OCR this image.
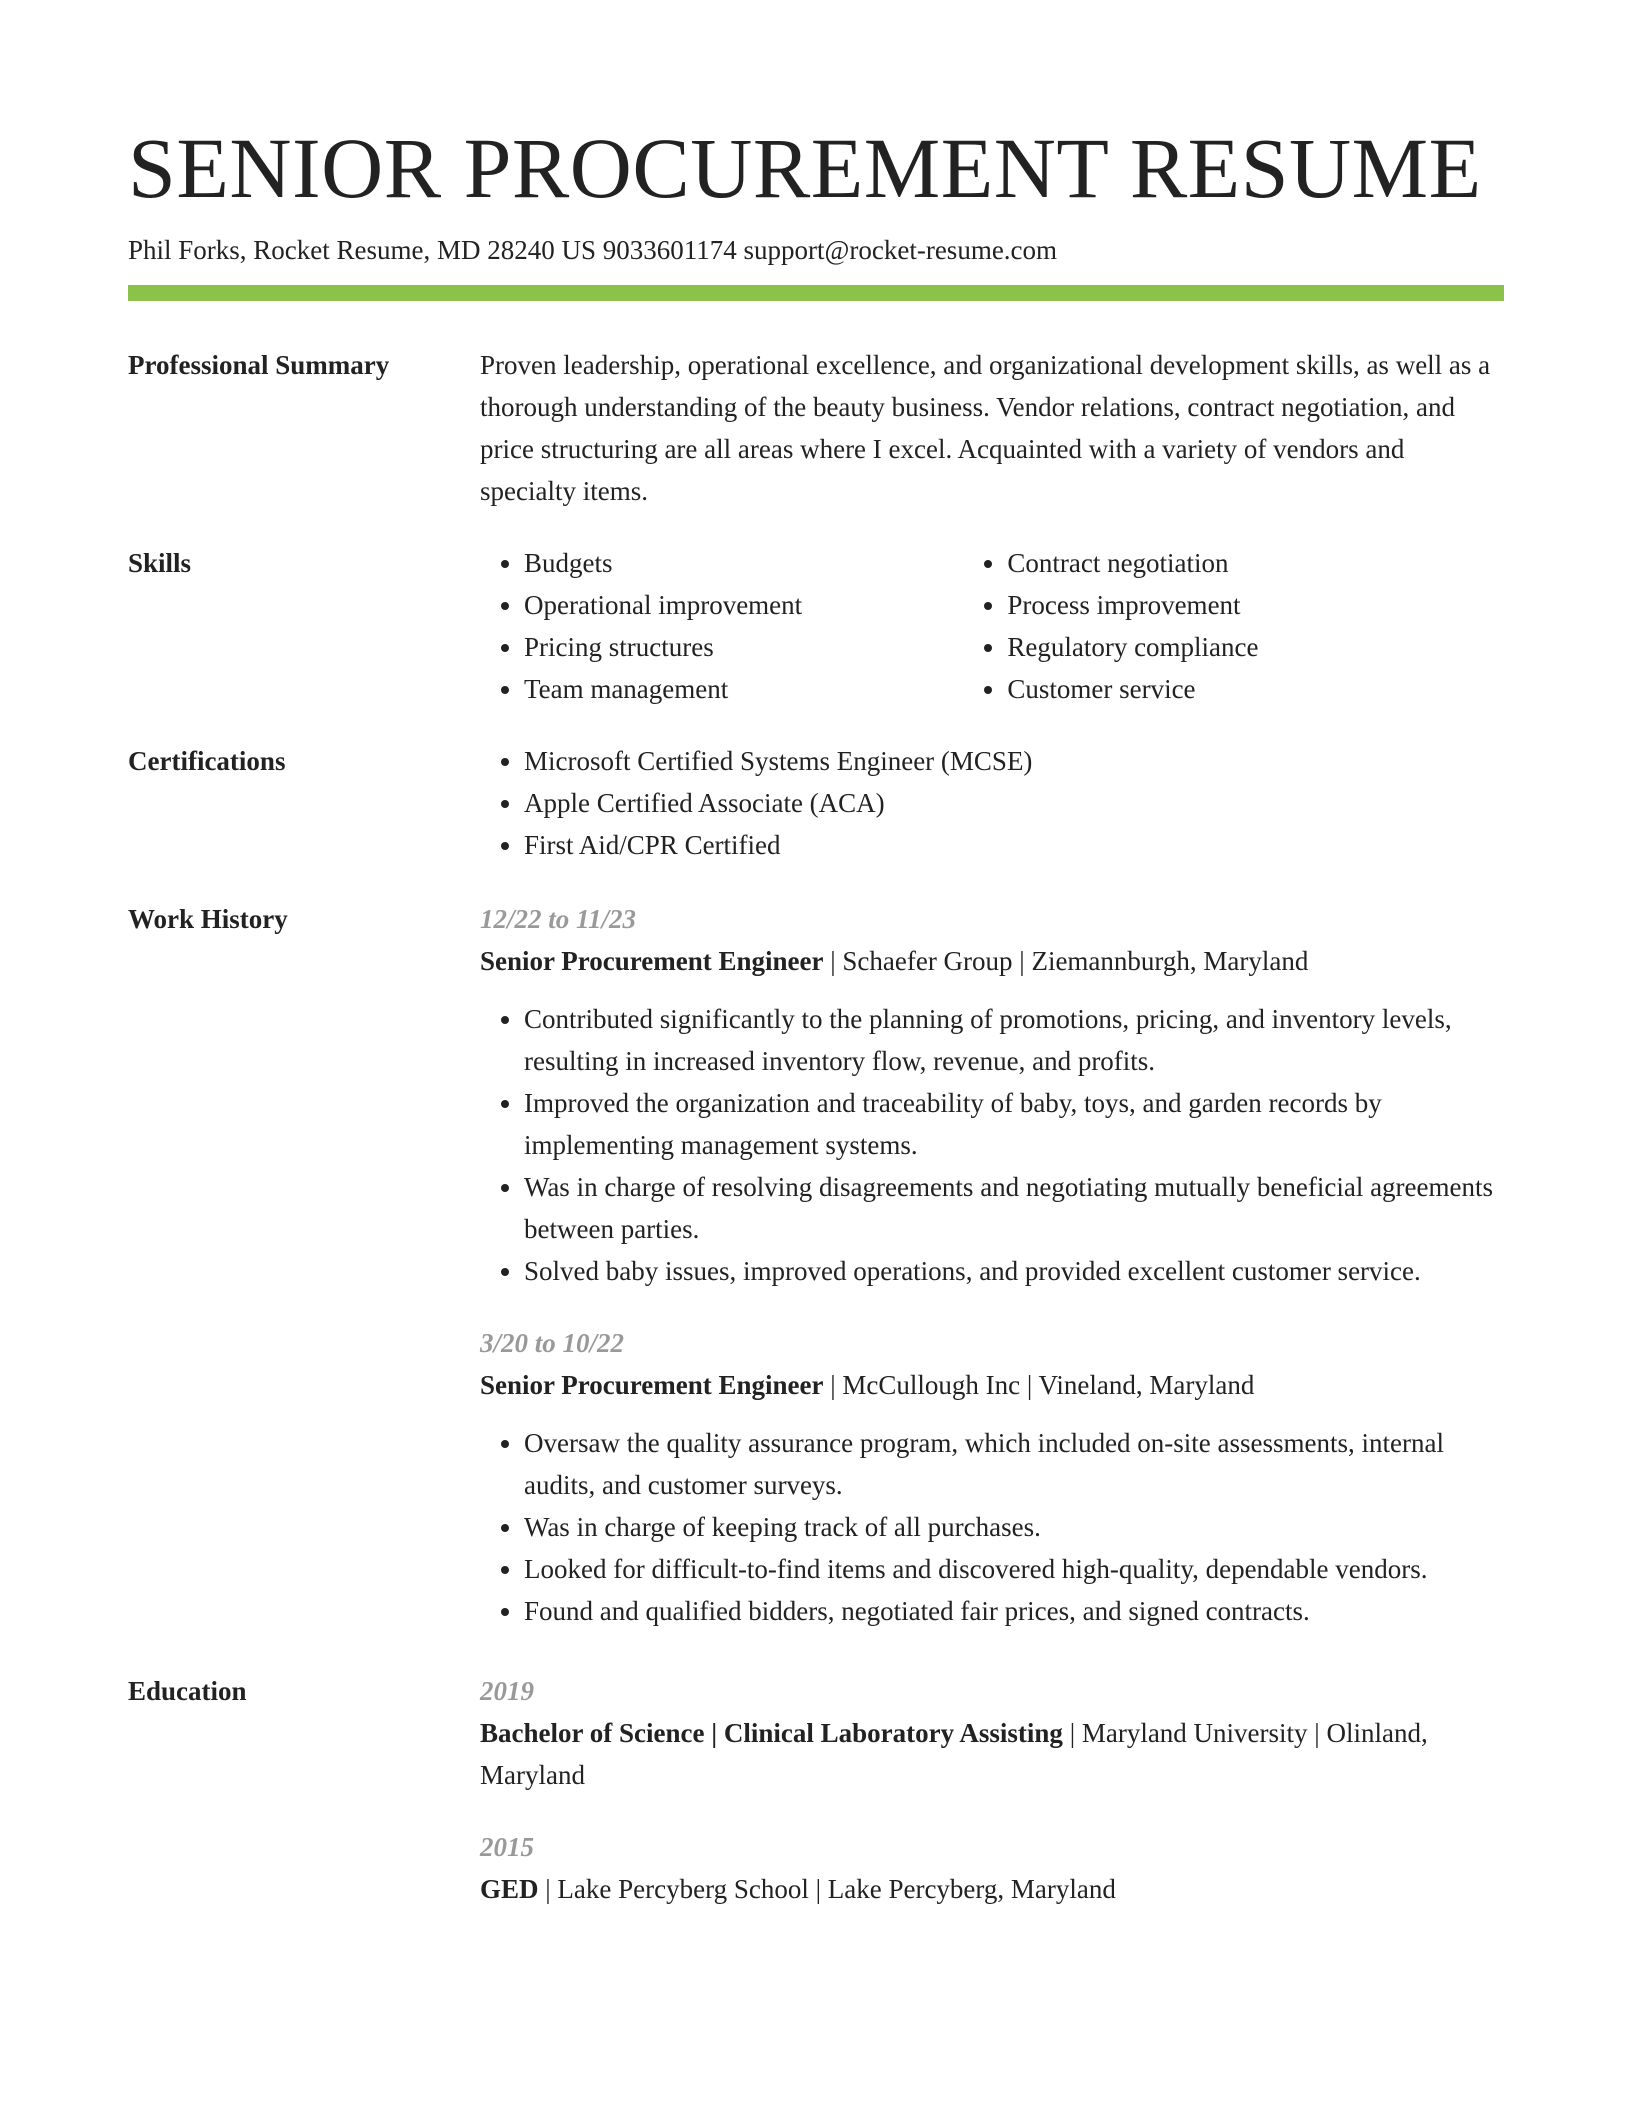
SENIOR PROCUREMENT RESUME
Phil Forks, Rocket Resume, MD 28240 US 9033601174 support@rocket-resume.com
Professional Summary	Proven leadership, operational excellence, and organizational development skills, as well as a thorough understanding of the beauty business. Vendor relations, contract negotiation, and price structuring are all areas where I excel. Acquainted with a variety of vendors and specialty items.
Skills	• Budgets
• Operational improvement
• Pricing structures
• Team management
• Contract negotiation
• Process improvement
• Regulatory compliance
• Customer service
Certifications	• Microsoft Certified Systems Engineer (MCSE)
• Apple Certified Associate (ACA)
• First Aid/CPR Certified
Work History	12/22 to 11/23
Senior Procurement Engineer | Schaefer Group | Ziemannburgh, Maryland
• Contributed significantly to the planning of promotions, pricing, and inventory levels, resulting in increased inventory flow, revenue, and profits.
• Improved the organization and traceability of baby, toys, and garden records by implementing management systems.
• Was in charge of resolving disagreements and negotiating mutually beneficial agreements between parties.
• Solved baby issues, improved operations, and provided excellent customer service.
3/20 to 10/22
Senior Procurement Engineer | McCullough Inc | Vineland, Maryland
• Oversaw the quality assurance program, which included on-site assessments, internal audits, and customer surveys.
• Was in charge of keeping track of all purchases.
• Looked for difficult-to-find items and discovered high-quality, dependable vendors.
• Found and qualified bidders, negotiated fair prices, and signed contracts.
Education	2019
Bachelor of Science | Clinical Laboratory Assisting | Maryland University | Olinland, Maryland
2015
GED | Lake Percyberg School | Lake Percyberg, Maryland
